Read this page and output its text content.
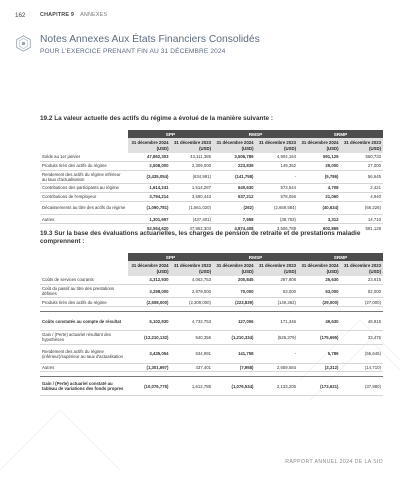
162	CHAPITRE 9 ANNEXES
Notes Annexes Aux États Financiers Consolidés
POUR L'EXERCICE PRENANT FIN AU 31 DÉCEMBRE 2024
19.2 La valeur actuelle des actifs du régime a évolué de la manière suivante :
	SPP		RMSP		SRMP	
	31 décembre 2024 (USD)	31 décembre 2023 (USD)	31 décembre 2024 (USD)	31 décembre 2023 (USD)	31 décembre 2024 (USD)	31 décembre 2023 (USD)
Solde au 1er janvier	47,862,303	43,111,385	3,506,789	4,904,164	591,129	550,733
Produits tirés des actifs du régime	2,508,000	2,309,000	223,839	149,362	29,000	27,000
Rendement des actifs du régime inférieur au taux d'actualisation	(3,435,054)	(634,991)	(141,758)	-	(5,786)	56,645
Contributions des participants au régime	1,614,241	1,514,287	640,630	573,544	4,708	2,421
Contributions de l'employeur	3,794,214	3,590,443	637,212	578,056	21,060	4,940
Décaissements au titre des actifs du régime	(1,090,781)	(1,561,020)	(262)	(2,659,584)	(40,634)	(65,226)
Autres	1,301,697	(437,401)	7,958	(38,753)	3,312	14,710
	52,554,620	47,862,303	4,874,408	3,506,789	602,869	591,129
19.3 Sur la base des évaluations actuarielles, les charges de pension de retraite et de prestations maladie comprennent :
	SPP		RMSP		SRMP	
	31 décembre 2024 (USD)	31 décembre 2023 (USD)	31 décembre 2024 (USD)	31 décembre 2023 (USD)	31 décembre 2024 (USD)	31 décembre 2023 (USD)
Coûts de services courants	4,312,930	4,062,753	200,845	267,808	25,630	23,915
Coût du passif au titre des prestations définies	3,298,000	2,979,000	70,000	53,000	53,000	52,000
Produits tirés des actifs du régime	(2,508,000)	(2,309,000)	(223,839)	(149,362)	(29,000)	(27,000)

Coûts constatés au compte de résultat	5,102,930	4,732,753	127,006	171,346	49,630	48,915
Gain / (Perte) actuariel résultant des hypothèses	(12,210,132)	540,356	(1,210,334)	(526,379)	(175,695)	33,475
Rendement des actifs du régime (inférieur)/supérieur au taux d'actualisation	3,435,054	634,991	141,758	-	5,786	(56,645)
Autres	(1,301,697)	437,401	(7,958)	2,659,584	(3,312)	(14,710)

Gain / (Perte) actuariel constaté au tableau de variations des fonds propres	(10,076,775)	1,612,788	(1,076,534)	2,133,205	(173,621)	(37,880)
RAPPORT ANNUEL 2024 DE LA SID
